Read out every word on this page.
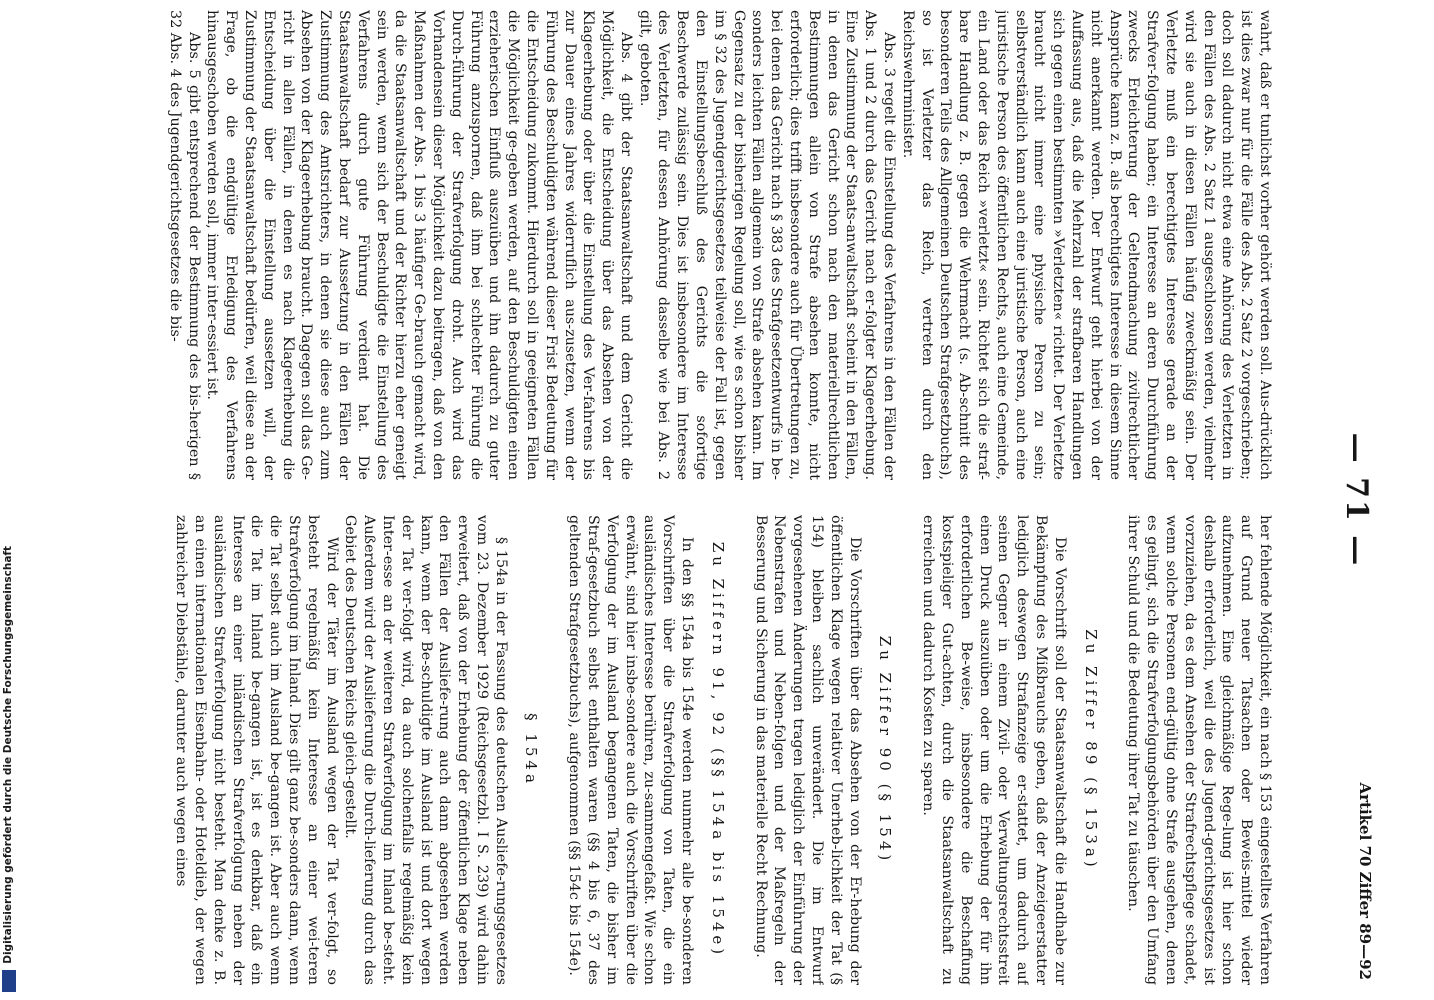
— 71 —
Artikel 70 Ziffer 89—92

wahrt, daß er tunlichst vorher gehört werden soll. Aus-drücklich ist dies zwar nur für die Fälle des Abs. 2 Satz 2 vorgeschrieben; doch soll dadurch nicht etwa eine Anhörung des Verletzten in den Fällen des Abs. 2 Satz 1 ausgeschlossen werden, vielmehr wird sie auch in diesen Fällen häufig zweckmäßig sein. Der Verletzte muß ein berechtigtes Interesse gerade an der Strafver-folgung haben; ein Interesse an deren Durchführung zwecks Erleichterung der Geltendmachung zivilrechtlicher Ansprüche kann z. B. als berechtigtes Interesse in diesem Sinne nicht anerkannt werden. Der Entwurf geht hierbei von der Auffassung aus, daß die Mehrzahl der strafbaren Handlungen sich gegen einen bestimmten »Verletzten« richtet. Der Verletzte braucht nicht immer eine physische Person zu sein; selbstverständlich kann auch eine juristische Person, auch eine juristische Person des öffentlichen Rechts, auch eine Gemeinde, ein Land oder das Reich »verletzt« sein. Richtet sich die straf-bare Handlung z. B. gegen die Wehrmacht (s. Ab-schnitt des besonderen Teils des Allgemeinen Deutschen Strafgesetzbuchs), so ist Verletzter das Reich, vertreten durch den Reichswehrminister.

Abs. 3 regelt die Einstellung des Verfahrens in den Fällen der Abs. 1 und 2 durch das Gericht nach er-folgter Klageerhebung. Eine Zustimmung der Staats-anwaltschaft scheint in den Fällen, in denen das Gericht schon nach den materiellrechtlichen Bestimmungen allein von Strafe absehen konnte, nicht erforderlich; dies trifft insbesondere auch für Übertretungen zu, bei denen das Gericht nach § 383 des Strafgesetzentwurfs in be-sonders leichten Fällen allgemein von Strafe absehen kann. Im Gegensatz zu der bisherigen Regelung soll, wie es schon bisher im § 32 des Jugendgerichtsgesetzes teilweise der Fall ist, gegen den Einstellungsbeschluß des Gerichts die sofortige Beschwerde zulässig sein. Dies ist insbesondere im Interesse des Verletzten, für dessen Anhörung dasselbe wie bei Abs. 2 gilt, geboten.

Abs. 4 gibt der Staatsanwaltschaft und dem Gericht die Möglichkeit, die Entscheidung über das Absehen von der Klageerhebung oder über die Einstellung des Ver-fahrens bis zur Dauer eines Jahres widerruflich aus-zusetzen, wenn der Führung des Beschuldigten während dieser Frist Bedeutung für die Entscheidung zukommt. Hierdurch soll in geeigneten Fällen die Möglichkeit ge-geben werden, auf den Beschuldigten einen erzieherischen Einfluß auszuüben und ihn dadurch zu guter Führung anzuspornen, daß ihm bei schlechter Führung die Durch-führung der Strafverfolgung droht. Auch wird das Vorhandensein dieser Möglichkeit dazu beitragen, daß von den Maßnahmen der Abs. 1 bis 3 häufiger Ge-brauch gemacht wird, da die Staatsanwaltschaft und der Richter hierzu eher geneigt sein werden, wenn sich der Beschuldigte die Einstellung des Verfahrens durch gute Führung verdient hat. Die Staatsanwaltschaft bedarf zur Aussetzung in den Fällen der Zustimmung des Amtsrichters, in denen sie diese auch zum Absehen von der Klageerhebung braucht. Dagegen soll das Ge-richt in allen Fällen, in denen es nach Klageerhebung die Entscheidung über die Einstellung aussetzen will, der Zustimmung der Staatsanwaltschaft bedürfen, weil diese an der Frage, ob die endgültige Erledigung des Verfahrens hinausgeschoben werden soll, immer inter-essiert ist.

Abs. 5 gibt entsprechend der Bestimmung des bis-herigen § 32 Abs. 4 des Jugendgerichtsgesetzes die bis-

her fehlende Möglichkeit, ein nach § 153 eingestelltes Verfahren auf Grund neuer Tatsachen oder Beweis-mittel wieder aufzunehmen. Eine gleichmäßige Rege-lung ist hier schon deshalb erforderlich, weil die des Jugend-gerichtsgesetzes ist vorzuziehen, da es dem Ansehen der Strafrechtspflege schadet, wenn solche Personen end-gültig ohne Strafe ausgehen, denen es gelingt, sich die Strafverfolgungsbehörden über den Umfang ihrer Schuld und die Bedeutung ihrer Tat zu täuschen.

Zu Ziffer 89 (§ 153a)

Die Vorschrift soll der Staatsanwaltschaft die Handhabe zur Bekämpfung des Mißbrauchs geben, daß der Anzeigeerstatter lediglich deswegen Strafanzeige er-stattet, um dadurch auf seinen Gegner in einem Zivil- oder Verwaltungsrechtsstreit einen Druck auszuüben oder um die Erhebung der für ihn erforderlichen Be-weise, insbesondere die Beschaffung kostspieliger Gut-achten, durch die Staatsanwaltschaft zu erreichen und dadurch Kosten zu sparen.

Zu Ziffer 90 (§ 154)

Die Vorschriften über das Absehen von der Er-hebung der öffentlichen Klage wegen relativer Unerheb-lichkeit der Tat (§ 154) bleiben sachlich unverändert. Die im Entwurf vorgesehenen Änderungen tragen lediglich der Einführung der Nebenstrafen und Neben-folgen und der Maßregeln der Besserung und Sicherung in das materielle Recht Rechnung.

Zu Ziffern 91, 92 (§§ 154a bis 154e)

In den §§ 154a bis 154e werden nunmehr alle be-sonderen Vorschriften über die Strafverfolgung von Taten, die ein ausländisches Interesse berühren, zu-sammengefaßt. Wie schon erwähnt, sind hier insbe-sondere auch die Vorschriften über die Verfolgung der im Ausland begangenen Taten, die bisher im Straf-gesetzbuch selbst enthalten waren (§§ 4 bis 6, 37 des geltenden Strafgesetzbuchs), aufgenommen (§§ 154c bis 154e).

§ 154a

§ 154a in der Fassung des deutschen Ausliefe-rungsgesetzes vom 23. Dezember 1929 (Reichsgesetzbl. I S. 239) wird dahin erweitert, daß von der Erhebung der öffentlichen Klage neben den Fällen der Ausliefe-rung auch dann abgesehen werden kann, wenn der Be-schuldigte im Ausland ist und dort wegen der Tat ver-folgt wird, da auch solchenfalls regelmäßig kein Inter-esse an der weiteren Strafverfolgung im Inland be-steht. Außerdem wird der Auslieferung die Durch-lieferung durch das Gebiet des Deutschen Reichs gleich-gestellt.

Wird der Täter im Ausland wegen der Tat ver-folgt, so besteht regelmäßig kein Interesse an einer wei-teren Strafverfolgung im Inland. Dies gilt ganz be-sonders dann, wenn die Tat selbst auch im Ausland be-gangen ist. Aber auch wenn die Tat im Inland be-gangen ist, ist es denkbar, daß ein Interesse an einer inländischen Strafverfolgung neben der ausländischen Strafverfolgung nicht besteht. Man denke z. B. an einen internationalen Eisenbahn- oder Hoteldieb, der wegen zahlreicher Diebstähle, darunter auch wegen eines

Digitalisierung gefördert durch die Deutsche Forschungsgemeinschaft
